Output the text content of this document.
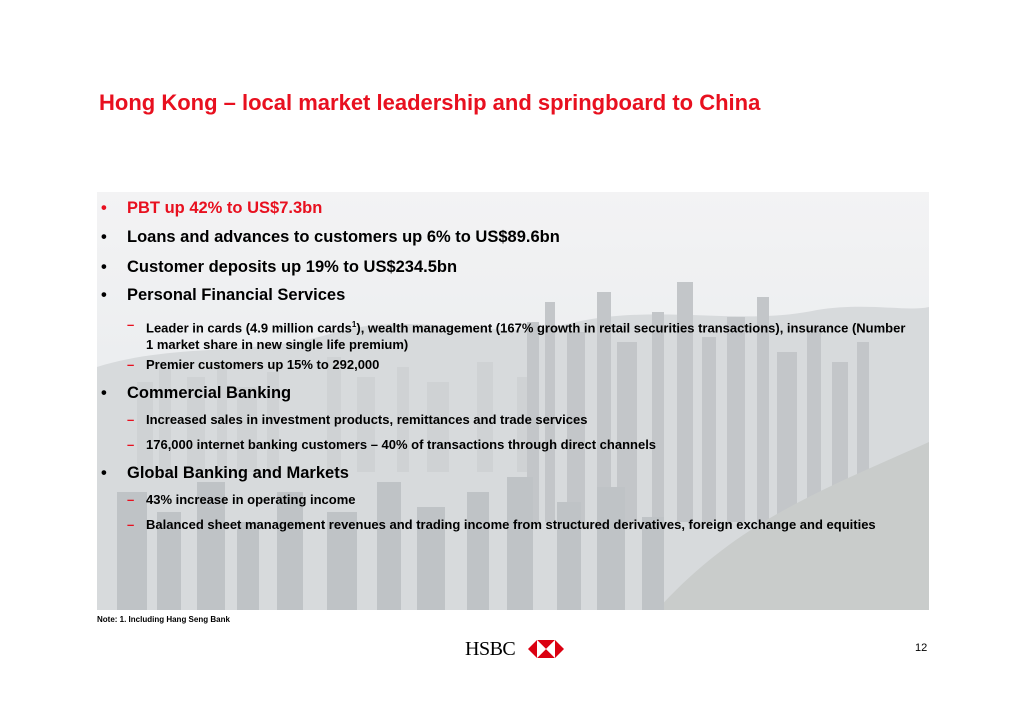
Hong Kong – local market leadership and springboard to China
• PBT up 42% to US$7.3bn
• Loans and advances to customers up 6% to US$89.6bn
• Customer deposits up 19% to US$234.5bn
• Personal Financial Services
– Leader in cards (4.9 million cards$^1$), wealth management (167% growth in retail securities transactions), insurance (Number 1 market share in new single life premium)
– Premier customers up 15% to 292,000
• Commercial Banking
– Increased sales in investment products, remittances and trade services
– 176,000 internet banking customers – 40% of transactions through direct channels
• Global Banking and Markets
– 43% increase in operating income
– Balanced sheet management revenues and trading income from structured derivatives, foreign exchange and equities
Note: 1. Including Hang Seng Bank
HSBC	12
